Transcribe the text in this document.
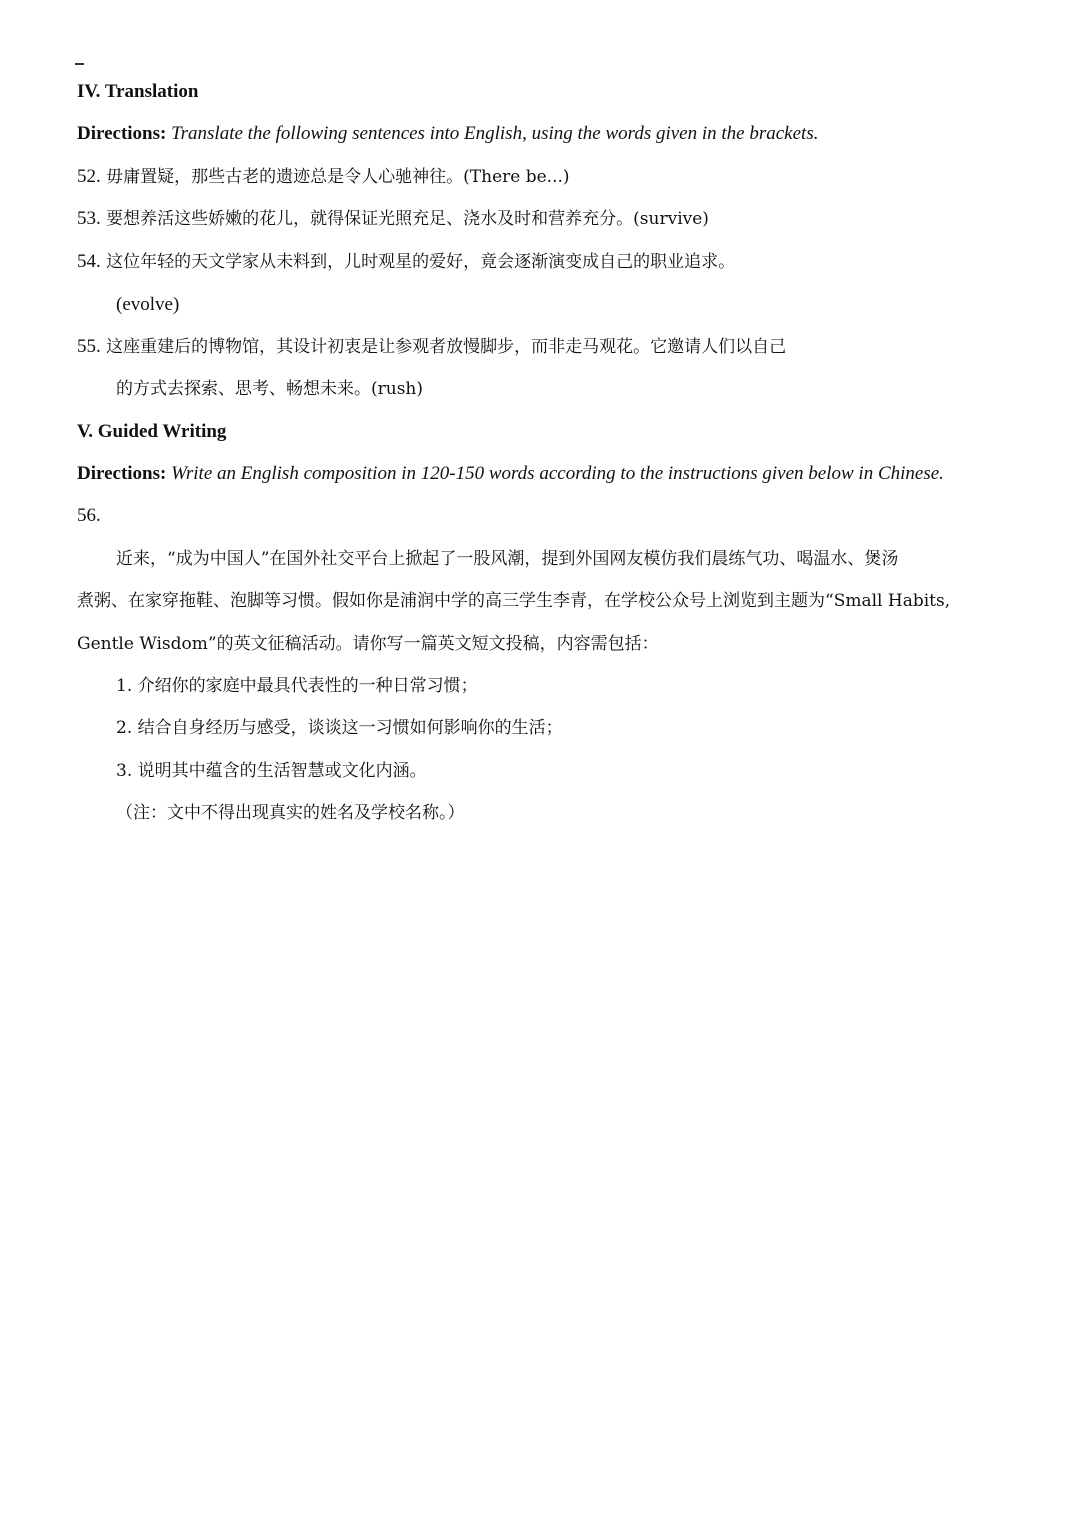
IV. Translation
Directions: Translate the following sentences into English, using the words given in the brackets.
52. 毋庸置疑，那些古老的遗迹总是令人心驰神往。(There be...)
53. 要想养活这些娇嫩的花儿，就得保证光照充足、浇水及时和营养充分。(survive)
54. 这位年轻的天文学家从未料到，儿时观星的爱好，竟会逐渐演变成自己的职业追求。
(evolve)
55. 这座重建后的博物馆，其设计初衷是让参观者放慢脚步，而非走马观花。它邀请人们以自己
的方式去探索、思考、畅想未来。(rush)
V. Guided Writing
Directions: Write an English composition in 120-150 words according to the instructions given below in Chinese.
56.
近来，“成为中国人”在国外社交平台上掀起了一股风潮，提到外国网友模仿我们晨练气功、喝温水、煲汤
煮粥、在家穿拖鞋、泡脚等习惯。假如你是浦润中学的高三学生李青，在学校公众号上浏览到主题为“Small Habits,
Gentle Wisdom”的英文征稿活动。请你写一篇英文短文投稿，内容需包括：
1. 介绍你的家庭中最具代表性的一种日常习惯；
2. 结合自身经历与感受，谈谈这一习惯如何影响你的生活；
3. 说明其中蕴含的生活智慧或文化内涵。
（注：文中不得出现真实的姓名及学校名称。）
